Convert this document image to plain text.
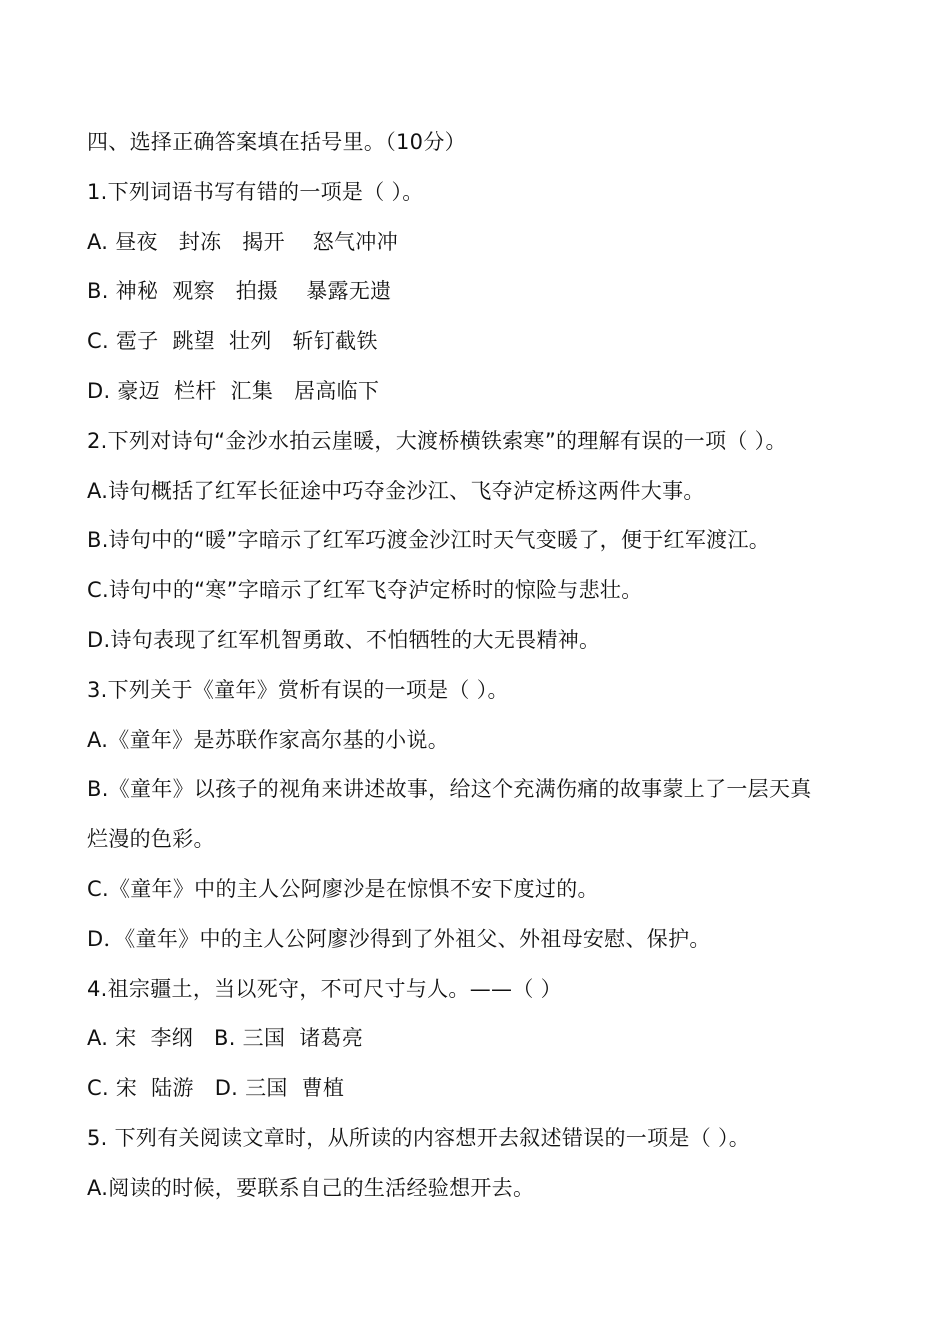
四、选择正确答案填在括号里。（10分）
1.下列词语书写有错的一项是（ ）。
A. 昼夜   封冻   揭开    怒气冲冲
B. 神秘  观察   拍摄    暴露无遗
C. 雹子  跳望  壮列   斩钉截铁
D. 豪迈  栏杆  汇集   居高临下
2.下列对诗句“金沙水拍云崖暖，大渡桥横铁索寒”的理解有误的一项（ ）。
A.诗句概括了红军长征途中巧夺金沙江、飞夺泸定桥这两件大事。
B.诗句中的“暖”字暗示了红军巧渡金沙江时天气变暖了，便于红军渡江。
C.诗句中的“寒”字暗示了红军飞夺泸定桥时的惊险与悲壮。
D.诗句表现了红军机智勇敢、不怕牺牲的大无畏精神。
3.下列关于《童年》赏析有误的一项是（ ）。
A.《童年》是苏联作家高尔基的小说。
B.《童年》以孩子的视角来讲述故事，给这个充满伤痛的故事蒙上了一层天真
烂漫的色彩。
C.《童年》中的主人公阿廖沙是在惊惧不安下度过的。
D．《童年》中的主人公阿廖沙得到了外祖父、外祖母安慰、保护。
4.祖宗疆土，当以死守，不可尺寸与人。——（ ）
A. 宋  李纲   B. 三国  诸葛亮
C. 宋  陆游   D. 三国  曹植
5. 下列有关阅读文章时，从所读的内容想开去叙述错误的一项是（ ）。
A.阅读的时候，要联系自己的生活经验想开去。
